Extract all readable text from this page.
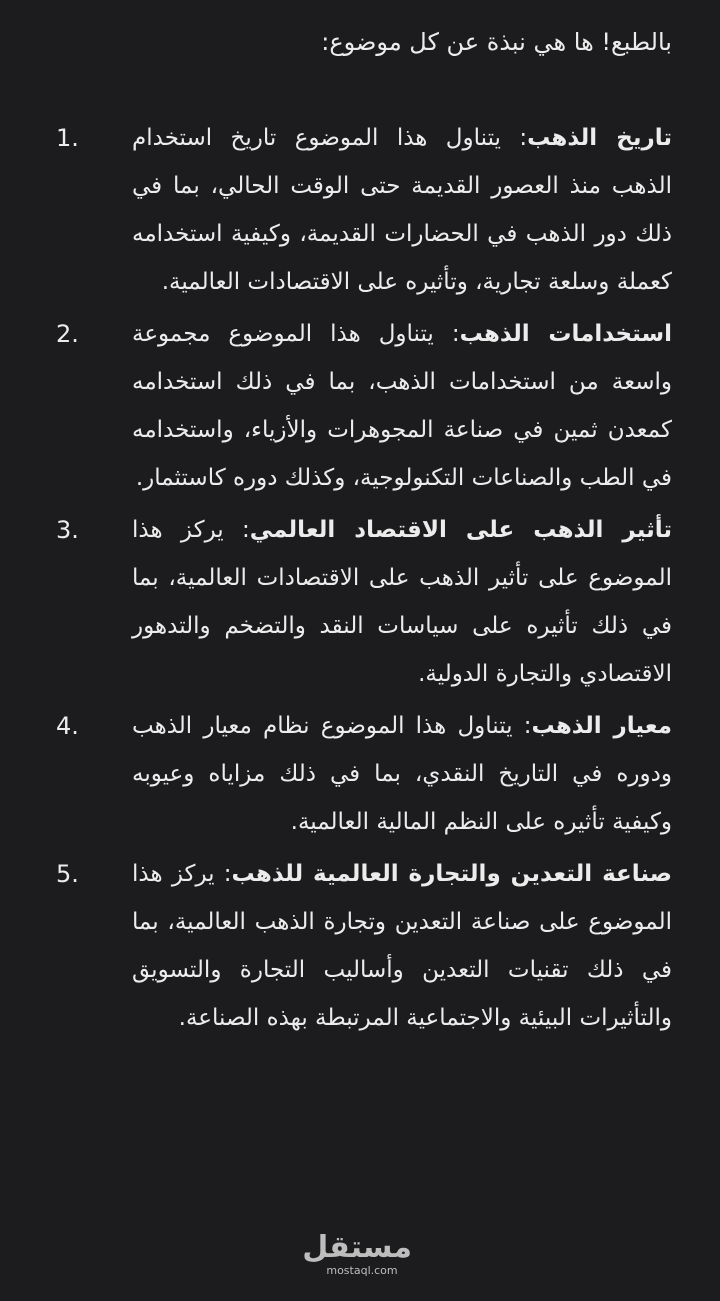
بالطبع! ها هي نبذة عن كل موضوع:

1.	تاريخ الذهب: يتناول هذا الموضوع تاريخ استخدام الذهب منذ العصور القديمة حتى الوقت الحالي، بما في ذلك دور الذهب في الحضارات القديمة، وكيفية استخدامه كعملة وسلعة تجارية، وتأثيره على الاقتصادات العالمية.

2.	استخدامات الذهب: يتناول هذا الموضوع مجموعة واسعة من استخدامات الذهب، بما في ذلك استخدامه كمعدن ثمين في صناعة المجوهرات والأزياء، واستخدامه في الطب والصناعات التكنولوجية، وكذلك دوره كاستثمار.

3.	تأثير الذهب على الاقتصاد العالمي: يركز هذا الموضوع على تأثير الذهب على الاقتصادات العالمية، بما في ذلك تأثيره على سياسات النقد والتضخم والتدهور الاقتصادي والتجارة الدولية.

4.	معيار الذهب: يتناول هذا الموضوع نظام معيار الذهب ودوره في التاريخ النقدي، بما في ذلك مزاياه وعيوبه وكيفية تأثيره على النظم المالية العالمية.

5.	صناعة التعدين والتجارة العالمية للذهب: يركز هذا الموضوع على صناعة التعدين وتجارة الذهب العالمية، بما في ذلك تقنيات التعدين وأساليب التجارة والتسويق والتأثيرات البيئية والاجتماعية المرتبطة بهذه الصناعة.

مستقل
mostaql.com
